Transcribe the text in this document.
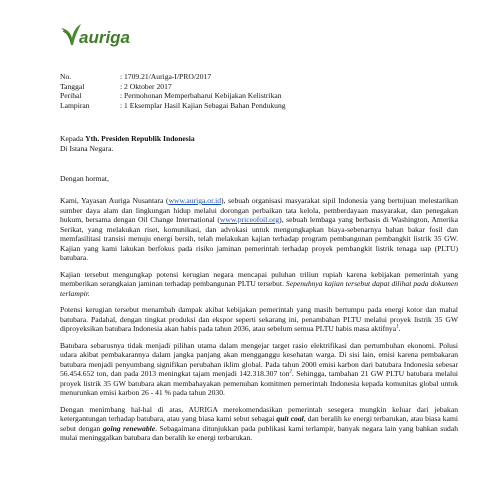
auriga
No.	: 1709.21/Auriga-I/PRO/2017
Tanggal	: 2 Oktober 2017
Perihal	: Permohonan Memperbaharui Kebijakan Kelistrikan
Lampiran	: 1 Eksemplar Hasil Kajian Sebagai Bahan Pendukung
Kepada Yth. Presiden Republik Indonesia
Di Istana Negara.
Dengan hormat,

Kami, Yayasan Auriga Nusantara (www.auriga.or.id), sebuah organisasi masyarakat sipil Indonesia yang bertujuan melestarikan sumber daya alam dan lingkungan hidup melalui dorongan perbaikan tata kelola, pemberdayaan masyarakat, dan penegakan hukum, bersama dengan Oil Change International (www.priceofoil.org), sebuah lembaga yang berbasis di Washington, Amerika Serikat, yang melakukan riset, komunikasi, dan advokasi untuk mengungkapkan biaya-sebenarnya bahan bakar fosil dan memfasilitasi transisi menuju energi bersih, telah melakukan kajian terhadap program pembangunan pembangkit listrik 35 GW. Kajian yang kami lakukan berfokus pada risiko jaminan pemerintah terhadap proyek pembangkit listrik tenaga uap (PLTU) batubara.

Kajian tersebut mengungkap potensi kerugian negara mencapai puluhan triliun rupiah karena kebijakan pemerintah yang memberikan serangkaian jaminan terhadap pembangunan PLTU tersebut. Sepenuhnya kajian tersebut dapat dilihat pada dokumen terlampir.

Potensi kerugian tersebut menambah dampak akibat kebijakan pemerintah yang masih bertumpu pada energi kotor dan mahal batubara. Padahal, dengan tingkat produksi dan ekspor seperti sekarang ini, penambahan PLTU melalui proyek listrik 35 GW diproyeksikan batubara Indonesia akan habis pada tahun 2036, atau sebelum semua PLTU habis masa aktifnya$^1$.

Batubara sebarusnya tidak menjadi pilihan utama dalam mengejar target rasio elektrifikasi dan pertumbuhan ekonomi. Polusi udara akibat pembakarannya dalam jangka panjang akan mengganggu kesehatan warga. Di sisi lain, emisi karena pembakaran batubara menjadi penyumbang signifikan perubahan iklim global. Pada tahun 2000 emisi karbon dari batubara Indonesia sebesar 56.454.652 ton, dan pada 2013 meningkat tajam menjadi 142.318.307 ton$^2$. Sehingga, tambahan 21 GW PLTU batubara melalui proyek listrik 35 GW batubara akan membahayakan pemenuhan komitmen pemerintah Indonesia kepada komunitas global untuk menurunkan emisi karbon 26 - 41 % pada tahun 2030.

Dengan menimbang hal-hal di atas, AURIGA merekomendasikan pemerintah sesegera mungkin keluar dari jebakan ketergantungan terhadap batubara, atau yang biasa kami sebut sebagai quit coal, dan beralih ke energi terbarukan, atau biasa kami sebut dengan going renewable. Sebagaimana ditunjukkan pada publikasi kami terlampir, banyak negara lain yang bahkan sudah mulai meninggalkan batubara dan beralih ke energi terbarukan.
